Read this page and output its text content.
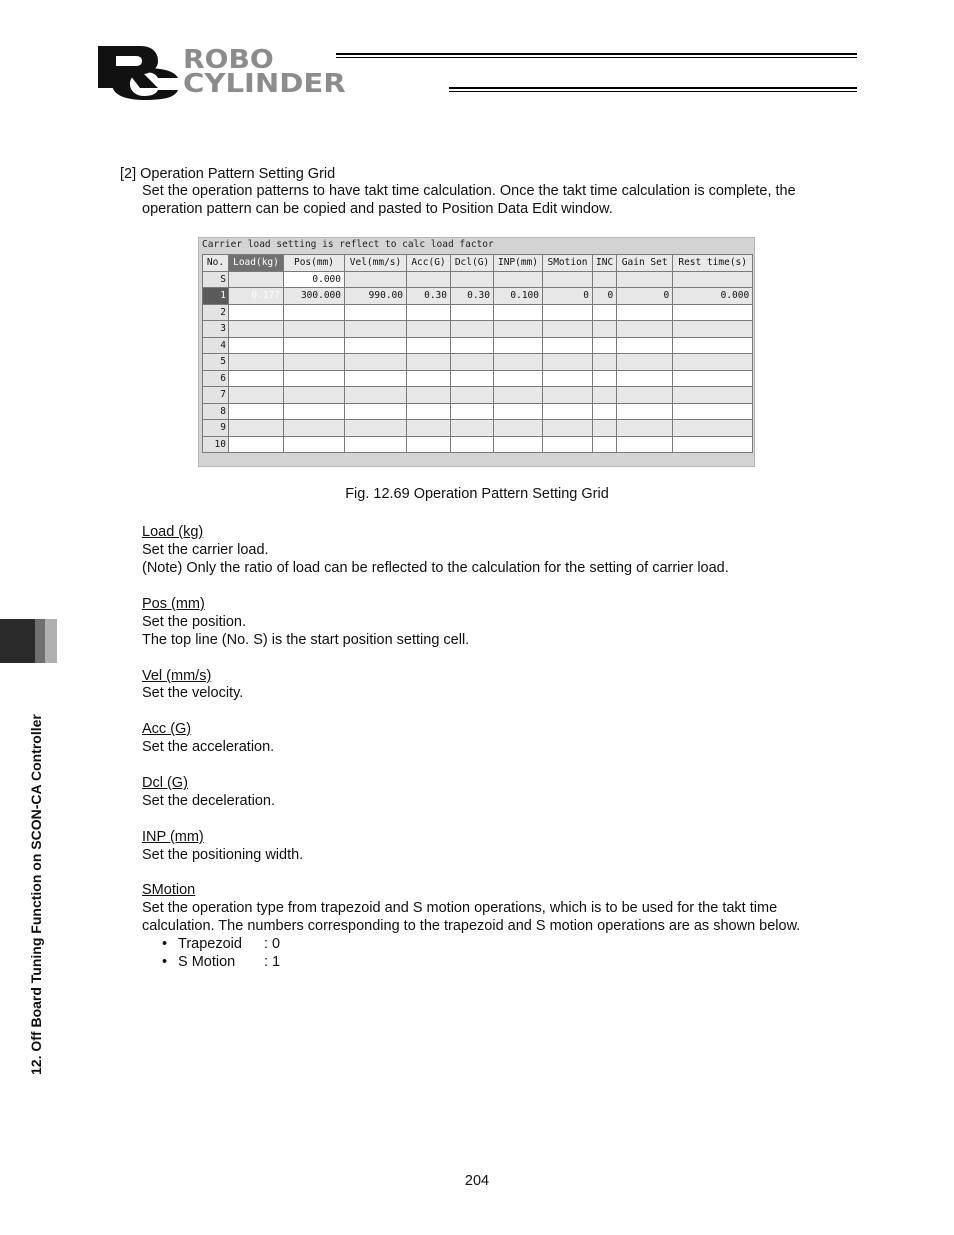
ROBO
CYLINDER
[2] Operation Pattern Setting Grid
Set the operation patterns to have takt time calculation. Once the takt time calculation is complete, the
operation pattern can be copied and pasted to Position Data Edit window.
Carrier load setting is reflect to calc load factor
No.	Load(kg)	Pos(mm)	Vel(mm/s)	Acc(G)	Dcl(G)	INP(mm)	SMotion	INC	Gain Set	Rest time(s)
S		0.000								
1	0.177	300.000	990.00	0.30	0.30	0.100	0	0	0	0.000
2										
3										
4										
5										
6										
7										
8										
9										
10										
Fig. 12.69 Operation Pattern Setting Grid
Load (kg)
Set the carrier load.
(Note) Only the ratio of load can be reflected to the calculation for the setting of carrier load.
Pos (mm)
Set the position.
The top line (No. S) is the start position setting cell.
Vel (mm/s)
Set the velocity.
Acc (G)
Set the acceleration.
Dcl (G)
Set the deceleration.
INP (mm)
Set the positioning width.
SMotion
Set the operation type from trapezoid and S motion operations, which is to be used for the takt time
calculation. The numbers corresponding to the trapezoid and S motion operations are as shown below.
• Trapezoid : 0
• S Motion : 1
12. Off Board Tuning Function on SCON-CA Controller
204
